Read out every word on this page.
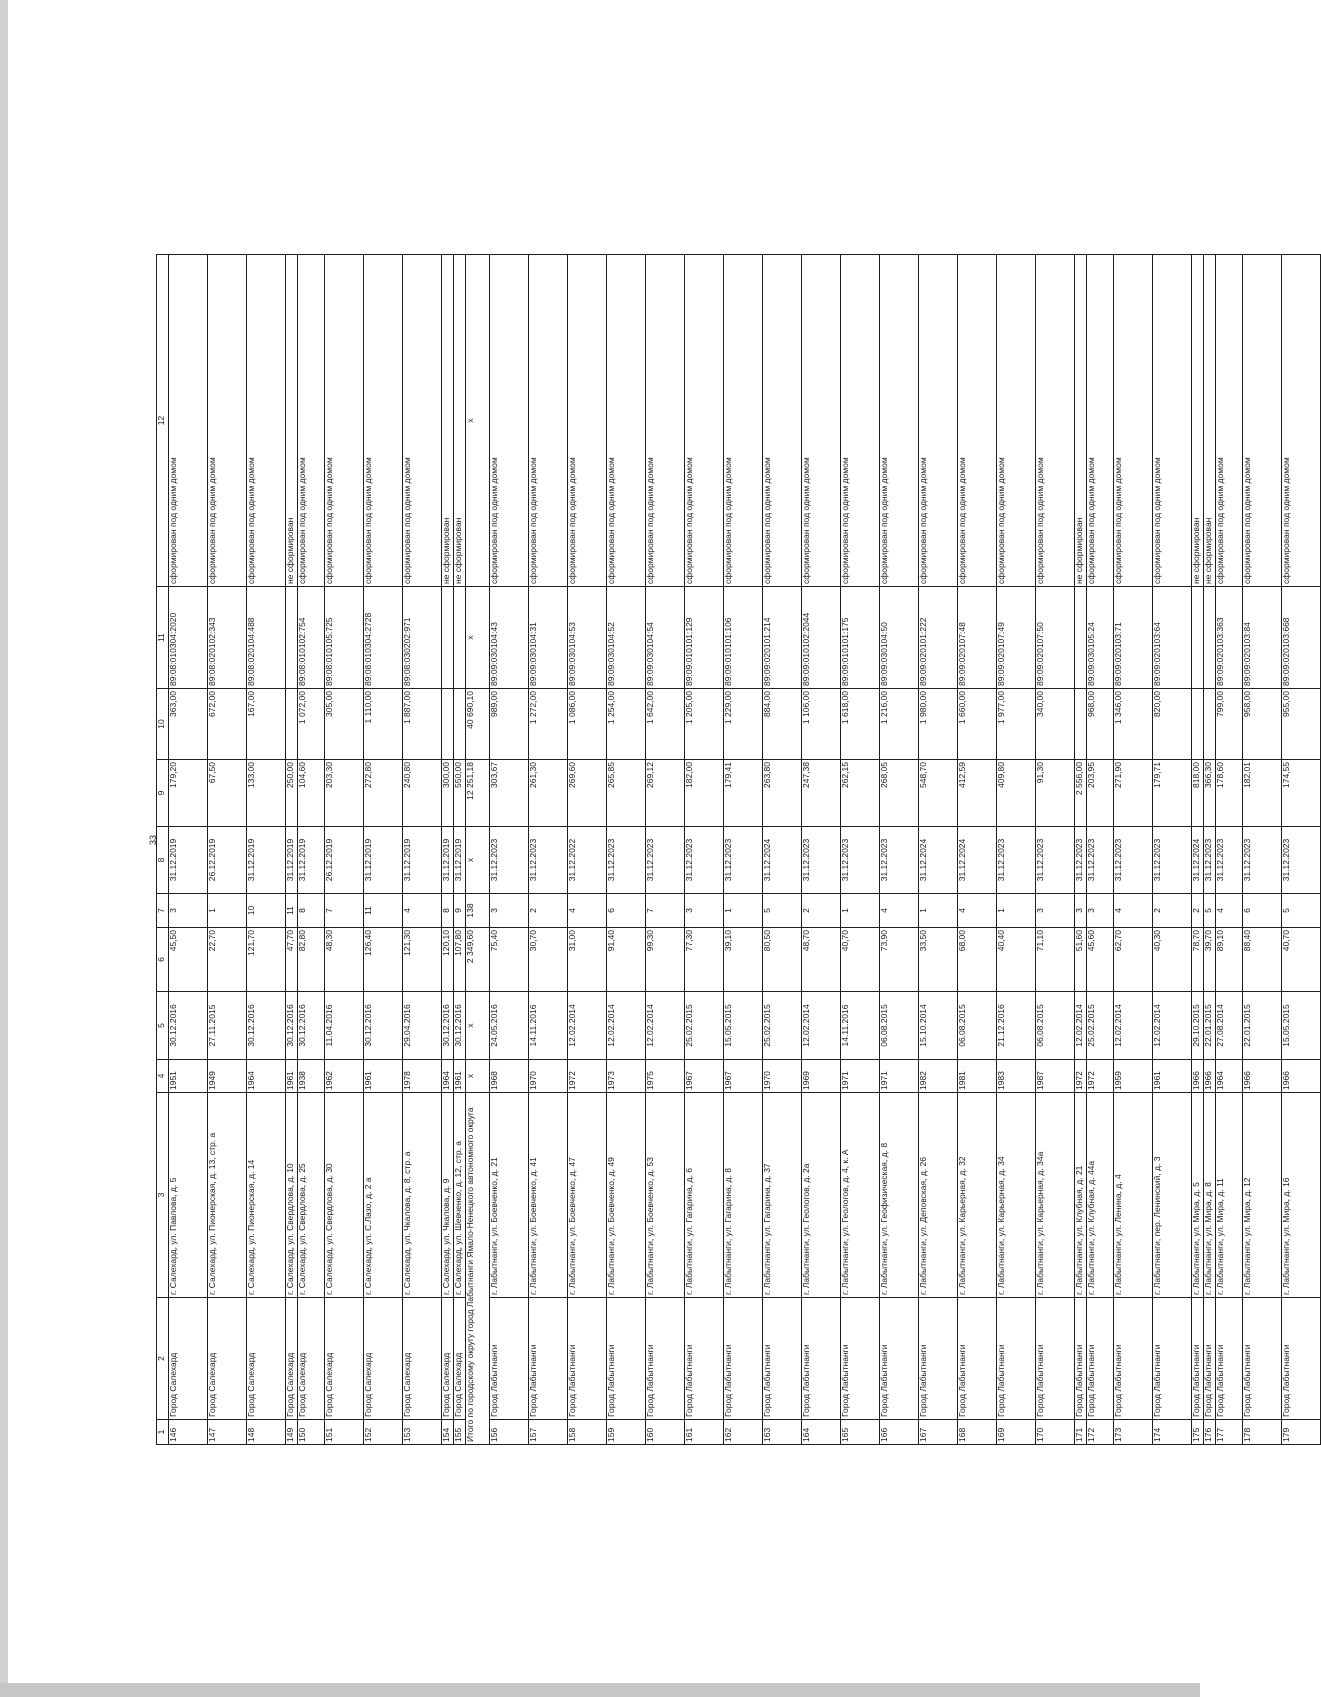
33
1	2	3	4	5	6	7	8	9	10	11	12
146	Город Салехард	г. Салехард, ул. Павлова, д. 5	1951	30.12.2016	45,50	3	31.12.2019	179,20	363,00	89:08:010304:2020	сформирован под одним домом
147	Город Салехард	г. Салехард, ул. Пионерская, д. 13, стр. а	1949	27.11.2015	22,70	1	26.12.2019	67,50	672,00	89:08:020102:343	сформирован под одним домом
148	Город Салехард	г. Салехард, ул. Пионерская, д. 14	1964	30.12.2016	121,70	10	31.12.2019	133,00	167,00	89:08:020104:488	сформирован под одним домом
149	Город Салехард	г. Салехард, ул. Свердлова, д. 10	1961	30.12.2016	47,70	11	31.12.2019	250,00			не сформирован
150	Город Салехард	г. Салехард, ул. Свердлова, д. 25	1938	30.12.2016	82,80	8	31.12.2019	104,60	1 072,00	89:08:010102:754	сформирован под одним домом
151	Город Салехард	г. Салехард, ул. Свердлова, д. 30	1962	11.04.2016	48,30	7	26.12.2019	203,30	305,00	89:08:010105:725	сформирован под одним домом
152	Город Салехард	г. Салехард, ул. С.Лазо, д. 2 а	1961	30.12.2016	126,40	11	31.12.2019	272,80	1 110,00	89:08:010304:2728	сформирован под одним домом
153	Город Салехард	г. Салехард, ул. Чкалова, д. 8, стр. а	1978	29.04.2016	121,30	4	31.12.2019	240,80	1 887,00	89:08:030202:971	сформирован под одним домом
154	Город Салехард	г. Салехард, ул. Чкалова, д. 9	1964	30.12.2016	120,10	8	31.12.2019	300,00			не сформирован
155	Город Салехард	г. Салехард, ул. Шевченко, д. 12, стр. а	1961	30.12.2016	107,80	9	31.12.2019	550,00			не сформирован
Итого по городскому округу город Лабытнанги Ямало-Ненецкого автономного округа			x	x	2 349,60	138	x	12 251,18	40 690,10	x	x
156	Город Лабытнанги	г. Лабытнанги, ул. Боевченко, д. 21	1968	24.05.2016	75,40	3	31.12.2023	303,67	989,00	89:09:030104:43	сформирован под одним домом
157	Город Лабытнанги	г. Лабытнанги, ул. Боевченко, д. 41	1970	14.11.2016	30,70	2	31.12.2023	261,30	1 272,00	89:09:030104:31	сформирован под одним домом
158	Город Лабытнанги	г. Лабытнанги, ул. Боевченко, д. 47	1972	12.02.2014	31,00	4	31.12.2022	269,60	1 086,00	89:09:030104:53	сформирован под одним домом
159	Город Лабытнанги	г. Лабытнанги, ул. Боевченко, д. 49	1973	12.02.2014	91,40	6	31.12.2023	265,85	1 254,00	89:09:030104:52	сформирован под одним домом
160	Город Лабытнанги	г. Лабытнанги, ул. Боевченко, д. 53	1975	12.02.2014	99,30	7	31.12.2023	269,12	1 642,00	89:09:030104:54	сформирован под одним домом
161	Город Лабытнанги	г. Лабытнанги, ул. Гагарина, д. 6	1967	25.02.2015	77,30	3	31.12.2023	182,00	1 205,00	89:09:010101:129	сформирован под одним домом
162	Город Лабытнанги	г. Лабытнанги, ул. Гагарина, д. 8	1967	15.05.2015	39,10	1	31.12.2023	179,41	1 229,00	89:09:010101:106	сформирован под одним домом
163	Город Лабытнанги	г. Лабытнанги, ул. Гагарина, д. 37	1970	25.02.2015	80,50	5	31.12.2024	263,80	884,00	89:09:020101:214	сформирован под одним домом
164	Город Лабытнанги	г. Лабытнанги, ул. Геологов, д. 2а	1969	12.02.2014	48,70	2	31.12.2023	247,38	1 106,00	89:09:010102:2044	сформирован под одним домом
165	Город Лабытнанги	г. Лабытнанги, ул. Геологов, д. 4, к. А	1971	14.11.2016	40,70	1	31.12.2023	262,15	1 618,00	89:09:010101:175	сформирован под одним домом
166	Город Лабытнанги	г. Лабытнанги, ул. Геофизическая, д. 8	1971	06.08.2015	73,90	4	31.12.2023	268,05	1 216,00	89:09:030104:50	сформирован под одним домом
167	Город Лабытнанги	г. Лабытнанги, ул. Деповская, д. 26	1982	15.10.2014	33,50	1	31.12.2024	548,70	1 980,00	89:09:020101:222	сформирован под одним домом
168	Город Лабытнанги	г. Лабытнанги, ул. Карьерная, д. 32	1981	06.08.2015	68,00	4	31.12.2024	412,59	1 660,00	89:09:020107:48	сформирован под одним домом
169	Город Лабытнанги	г. Лабытнанги, ул. Карьерная, д. 34	1983	21.12.2016	40,40	1	31.12.2023	409,80	1 977,00	89:09:020107:49	сформирован под одним домом
170	Город Лабытнанги	г. Лабытнанги, ул. Карьерная, д. 34а	1987	06.08.2015	71,10	3	31.12.2023	91,30	340,00	89:09:020107:50	сформирован под одним домом
171	Город Лабытнанги	г. Лабытнанги, ул. Клубная, д. 21	1972	12.02.2014	51,60	3	31.12.2023	2 556,00			не сформирован
172	Город Лабытнанги	г. Лабытнанги, ул. Клубная, д. 44а	1972	25.02.2015	45,60	3	31.12.2023	203,95	968,00	89:09:030105:24	сформирован под одним домом
173	Город Лабытнанги	г. Лабытнанги, ул. Ленина, д. 4	1959	12.02.2014	62,70	4	31.12.2023	271,90	1 346,00	89:09:020103:71	сформирован под одним домом
174	Город Лабытнанги	г. Лабытнанги, пер. Ленинский, д. 3	1961	12.02.2014	40,30	2	31.12.2023	179,71	820,00	89:09:020103:64	сформирован под одним домом
175	Город Лабытнанги	г. Лабытнанги, ул. Мира, д. 5	1966	29.10.2015	78,70	2	31.12.2024	818,00			не сформирован
176	Город Лабытнанги	г. Лабытнанги, ул. Мира, д. 8	1966	22.01.2015	39,70	5	31.12.2023	366,30			не сформирован
177	Город Лабытнанги	г. Лабытнанги, ул. Мира, д. 11	1964	27.08.2014	89,10	4	31.12.2023	178,60	799,00	89:09:020103:363	сформирован под одним домом
178	Город Лабытнанги	г. Лабытнанги, ул. Мира, д. 12	1966	22.01.2015	88,40	6	31.12.2023	182,01	958,00	89:09:020103:84	сформирован под одним домом
179	Город Лабытнанги	г. Лабытнанги, ул. Мира, д. 16	1966	15.05.2015	40,70	5	31.12.2023	174,55	955,00	89:09:020103:668	сформирован под одним домом
